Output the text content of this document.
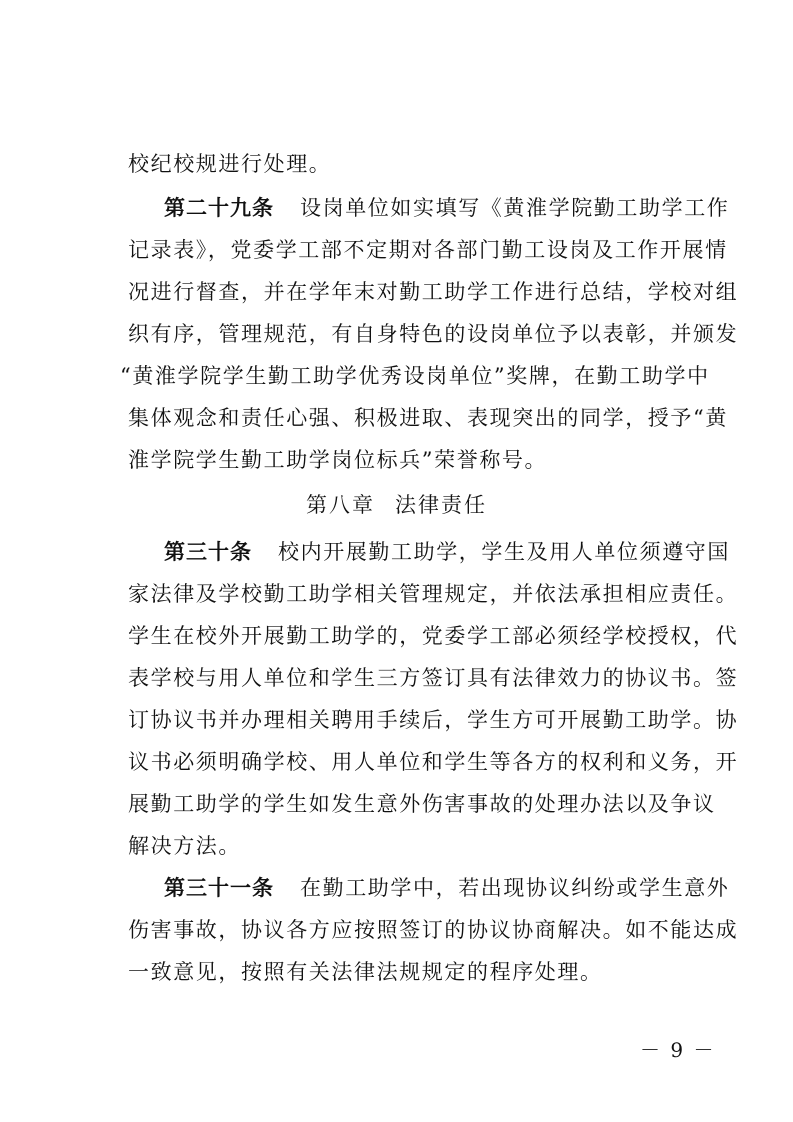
校纪校规进行处理。
第二十九条 设岗单位如实填写《黄淮学院勤工助学工作
记录表》，党委学工部不定期对各部门勤工设岗及工作开展情
况进行督查，并在学年末对勤工助学工作进行总结，学校对组
织有序，管理规范，有自身特色的设岗单位予以表彰，并颁发
“黄淮学院学生勤工助学优秀设岗单位”奖牌，在勤工助学中
集体观念和责任心强、积极进取、表现突出的同学，授予“黄
淮学院学生勤工助学岗位标兵”荣誉称号。
第八章 法律责任
第三十条 校内开展勤工助学，学生及用人单位须遵守国
家法律及学校勤工助学相关管理规定，并依法承担相应责任。
学生在校外开展勤工助学的，党委学工部必须经学校授权，代
表学校与用人单位和学生三方签订具有法律效力的协议书。签
订协议书并办理相关聘用手续后，学生方可开展勤工助学。协
议书必须明确学校、用人单位和学生等各方的权利和义务，开
展勤工助学的学生如发生意外伤害事故的处理办法以及争议
解决方法。
第三十一条 在勤工助学中，若出现协议纠纷或学生意外
伤害事故，协议各方应按照签订的协议协商解决。如不能达成
一致意见，按照有关法律法规规定的程序处理。
－ 9 －
